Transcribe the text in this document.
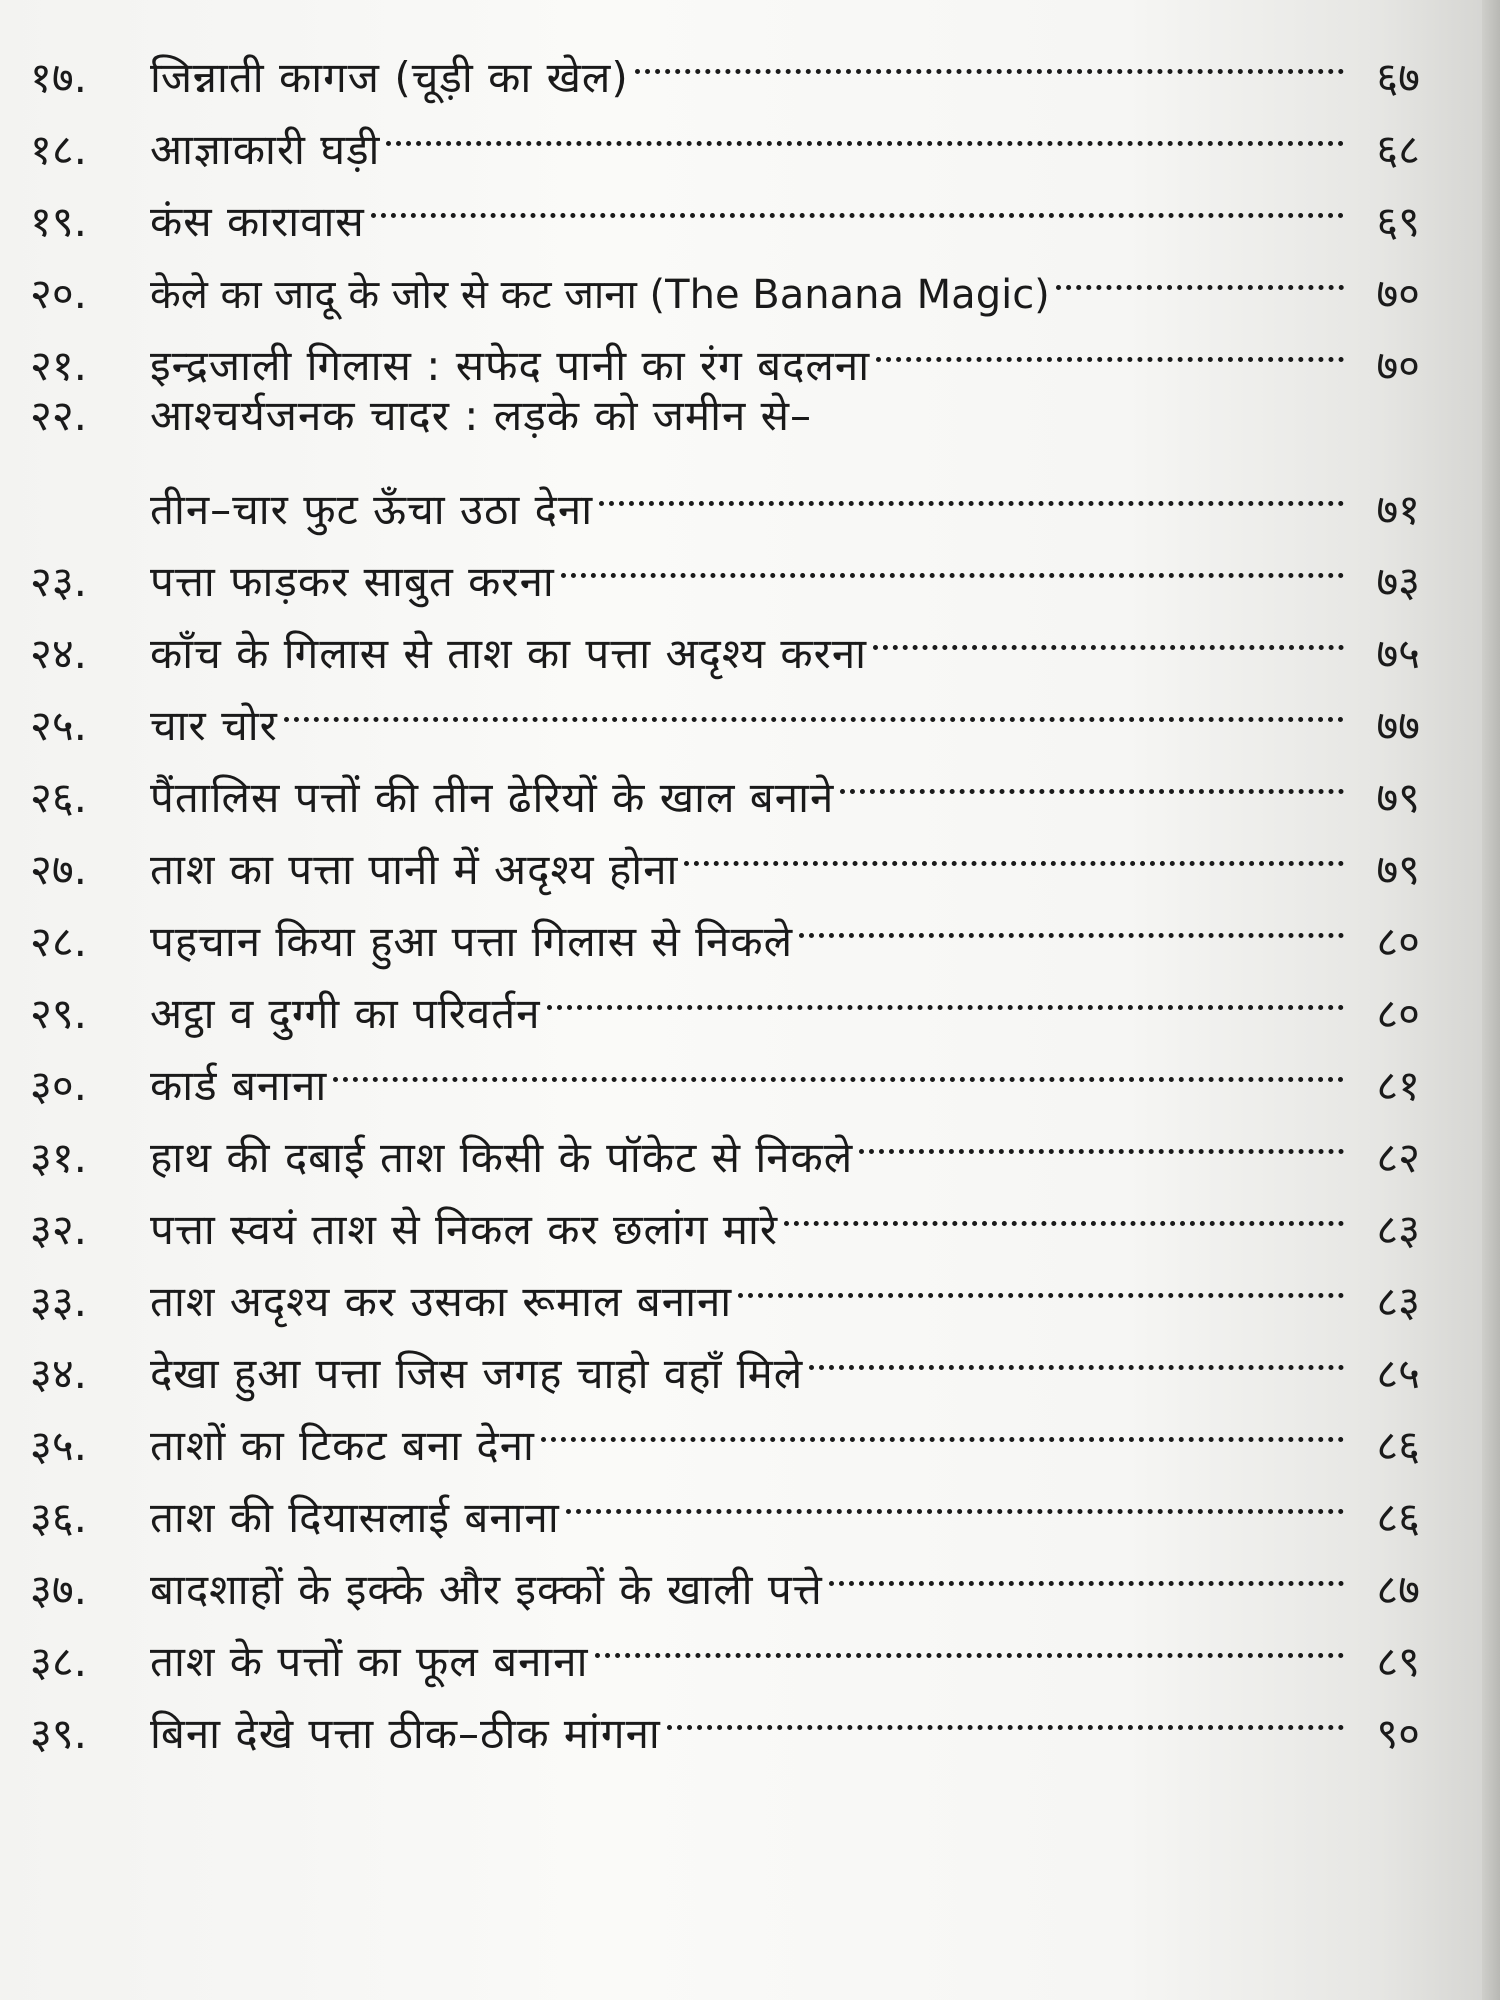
१७.	जिन्नाती कागज (चूड़ी का खेल)	६७
१८.	आज्ञाकारी घड़ी	६८
१९.	कंस कारावास	६९
२०.	केले का जादू के जोर से कट जाना (The Banana Magic)	७०
२१.	इन्द्रजाली गिलास : सफेद पानी का रंग बदलना	७०
२२.	आश्चर्यजनक चादर : लड़के को जमीन से–
तीन–चार फुट ऊँचा उठा देना	७१
२३.	पत्ता फाड़कर साबुत करना	७३
२४.	काँच के गिलास से ताश का पत्ता अदृश्य करना	७५
२५.	चार चोर	७७
२६.	पैंतालिस पत्तों की तीन ढेरियों के खाल बनाने	७९
२७.	ताश का पत्ता पानी में अदृश्य होना	७९
२८.	पहचान किया हुआ पत्ता गिलास से निकले	८०
२९.	अट्ठा व दुग्गी का परिवर्तन	८०
३०.	कार्ड बनाना	८१
३१.	हाथ की दबाई ताश किसी के पॉकेट से निकले	८२
३२.	पत्ता स्वयं ताश से निकल कर छलांग मारे	८३
३३.	ताश अदृश्य कर उसका रूमाल बनाना	८३
३४.	देखा हुआ पत्ता जिस जगह चाहो वहाँ मिले	८५
३५.	ताशों का टिकट बना देना	८६
३६.	ताश की दियासलाई बनाना	८६
३७.	बादशाहों के इक्के और इक्कों के खाली पत्ते	८७
३८.	ताश के पत्तों का फूल बनाना	८९
३९.	बिना देखे पत्ता ठीक–ठीक मांगना	९०
